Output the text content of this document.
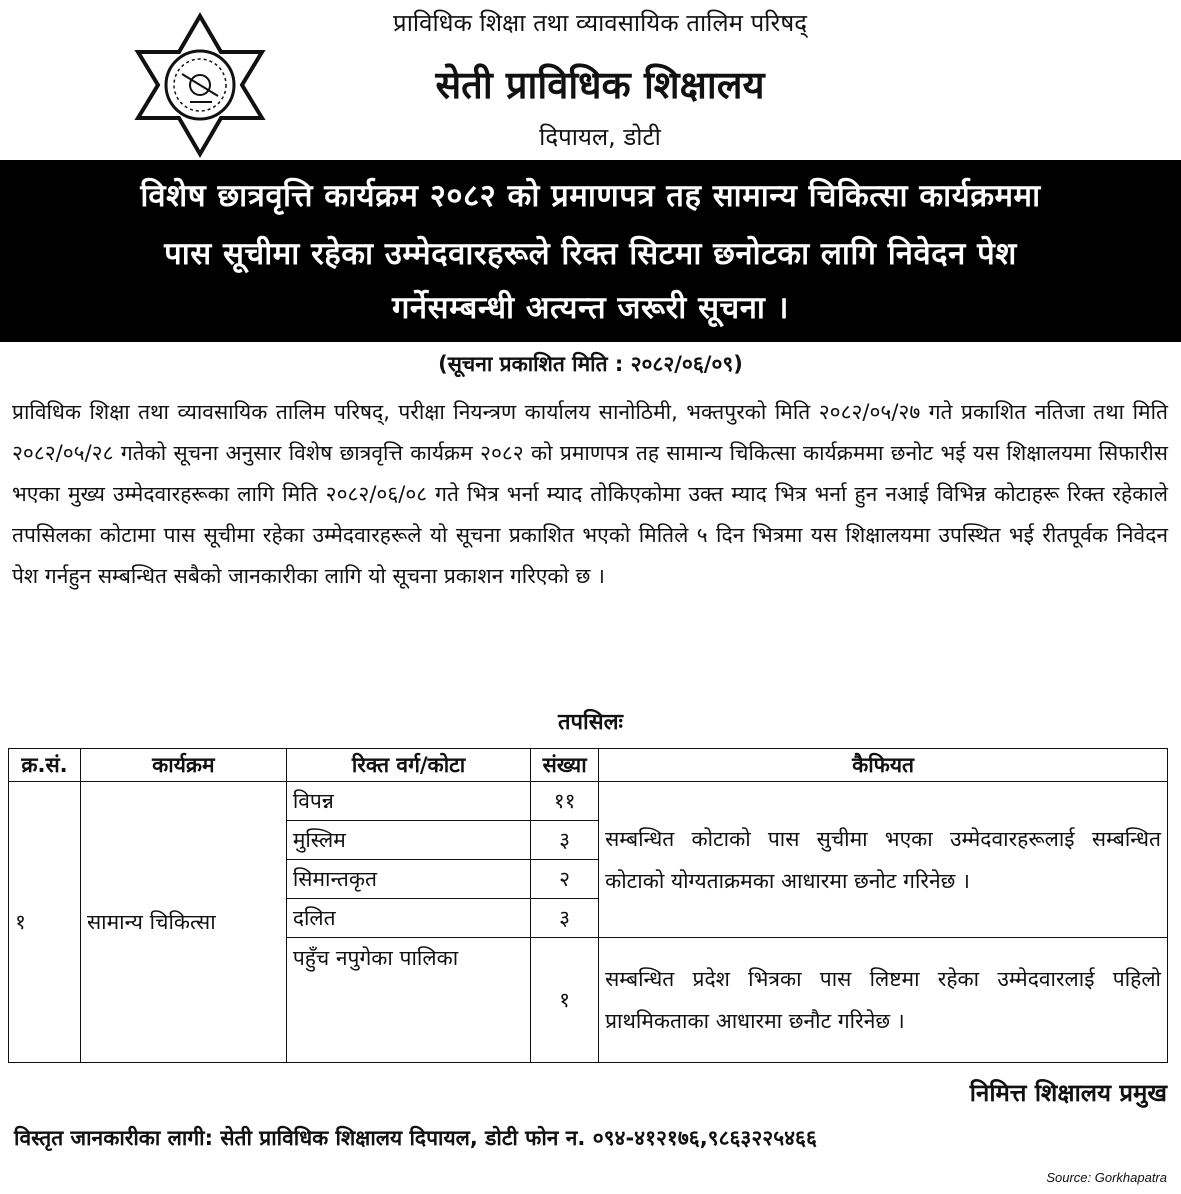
प्राविधिक शिक्षा तथा व्यावसायिक तालिम परिषद्
सेती प्राविधिक शिक्षालय
दिपायल, डोटी
विशेष छात्रवृत्ति कार्यक्रम २०८२ को प्रमाणपत्र तह सामान्य चिकित्सा कार्यक्रममा
पास सूचीमा रहेका उम्मेदवारहरूले रिक्त सिटमा छनोटका लागि निवेदन पेश
गर्नेसम्बन्धी अत्यन्त जरूरी सूचना ।
(सूचना प्रकाशित मिति : २०८२/०६/०९)
प्राविधिक शिक्षा तथा व्यावसायिक तालिम परिषद्, परीक्षा नियन्त्रण कार्यालय सानोठिमी, भक्तपुरको मिति २०८२/०५/२७ गते प्रकाशित नतिजा तथा मिति २०८२/०५/२८ गतेको सूचना अनुसार विशेष छात्रवृत्ति कार्यक्रम २०८२ को प्रमाणपत्र तह सामान्य चिकित्सा कार्यक्रममा छनोट भई यस शिक्षालयमा सिफारीस भएका मुख्य उम्मेदवारहरूका लागि मिति २०८२/०६/०८ गते भित्र भर्ना म्याद तोकिएकोमा उक्त म्याद भित्र भर्ना हुन नआई विभिन्न कोटाहरू रिक्त रहेकाले तपसिलका कोटामा पास सूचीमा रहेका उम्मेदवारहरूले यो सूचना प्रकाशित भएको मितिले ५ दिन भित्रमा यस शिक्षालयमा उपस्थित भई रीतपूर्वक निवेदन पेश गर्नहुन सम्बन्धित सबैको जानकारीका लागि यो सूचना प्रकाशन गरिएको छ ।
तपसिलः
क्र.सं.	कार्यक्रम	रिक्त वर्ग/कोटा	संख्या	कैफियत
१	सामान्य चिकित्सा	विपन्न	११	सम्बन्धित कोटाको पास सुचीमा भएका उम्मेदवारहरूलाई सम्बन्धित कोटाको योग्यताक्रमका आधारमा छनोट गरिनेछ ।
		मुस्लिम	३	
		सिमान्तकृत	२	
		दलित	३	
		पहुँच नपुगेका पालिका	१	सम्बन्धित प्रदेश भित्रका पास लिष्टमा रहेका उम्मेदवारलाई पहिलो प्राथमिकताका आधारमा छनौट गरिनेछ ।
निमित्त शिक्षालय प्रमुख
विस्तृत जानकारीका लागी: सेती प्राविधिक शिक्षालय दिपायल, डोटी फोन न. ०९४-४१२१७६,९८६३२२५४६६
Source: Gorkhapatra
